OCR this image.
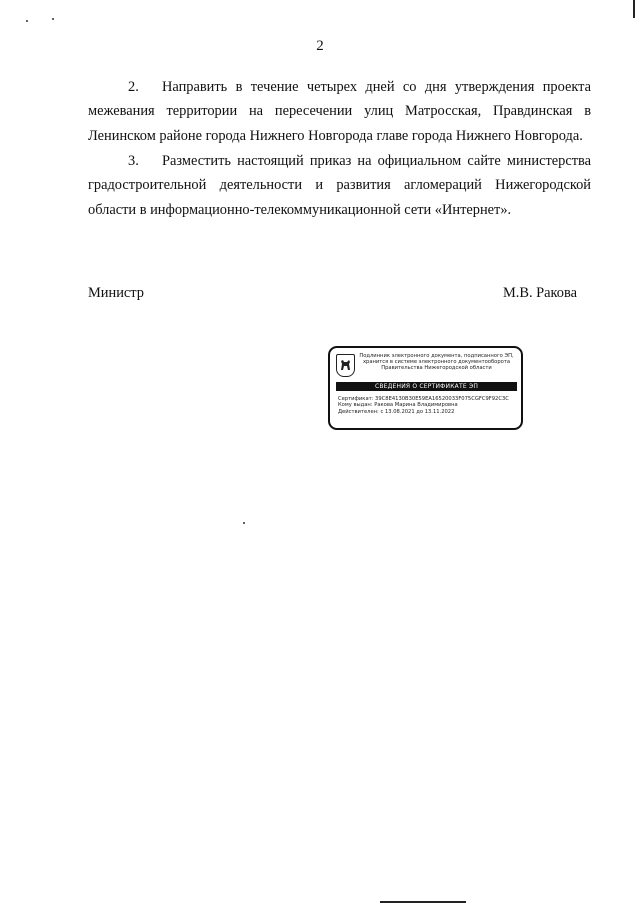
2
2. Направить в течение четырех дней со дня утверждения проекта межевания территории на пересечении улиц Матросская, Правдинская в Ленинском районе города Нижнего Новгорода главе города Нижнего Новгорода.
3. Разместить настоящий приказ на официальном сайте министерства градостроительной деятельности и развития агломераций Нижегородской области в информационно-телекоммуникационной сети «Интернет».
Министр	М.В. Ракова
Подлинник электронного документа, подписанного ЭП,
хранится в системе электронного документооборота
Правительства Нижегородской области
СВЕДЕНИЯ О СЕРТИФИКАТЕ ЭП
Сертификат: 39C8E4130B30E59EA16520033F075CGFC9F92C3C
Кому выдан: Ракова Марина Владимировна
Действителен: с 13.08.2021 до 13.11.2022
